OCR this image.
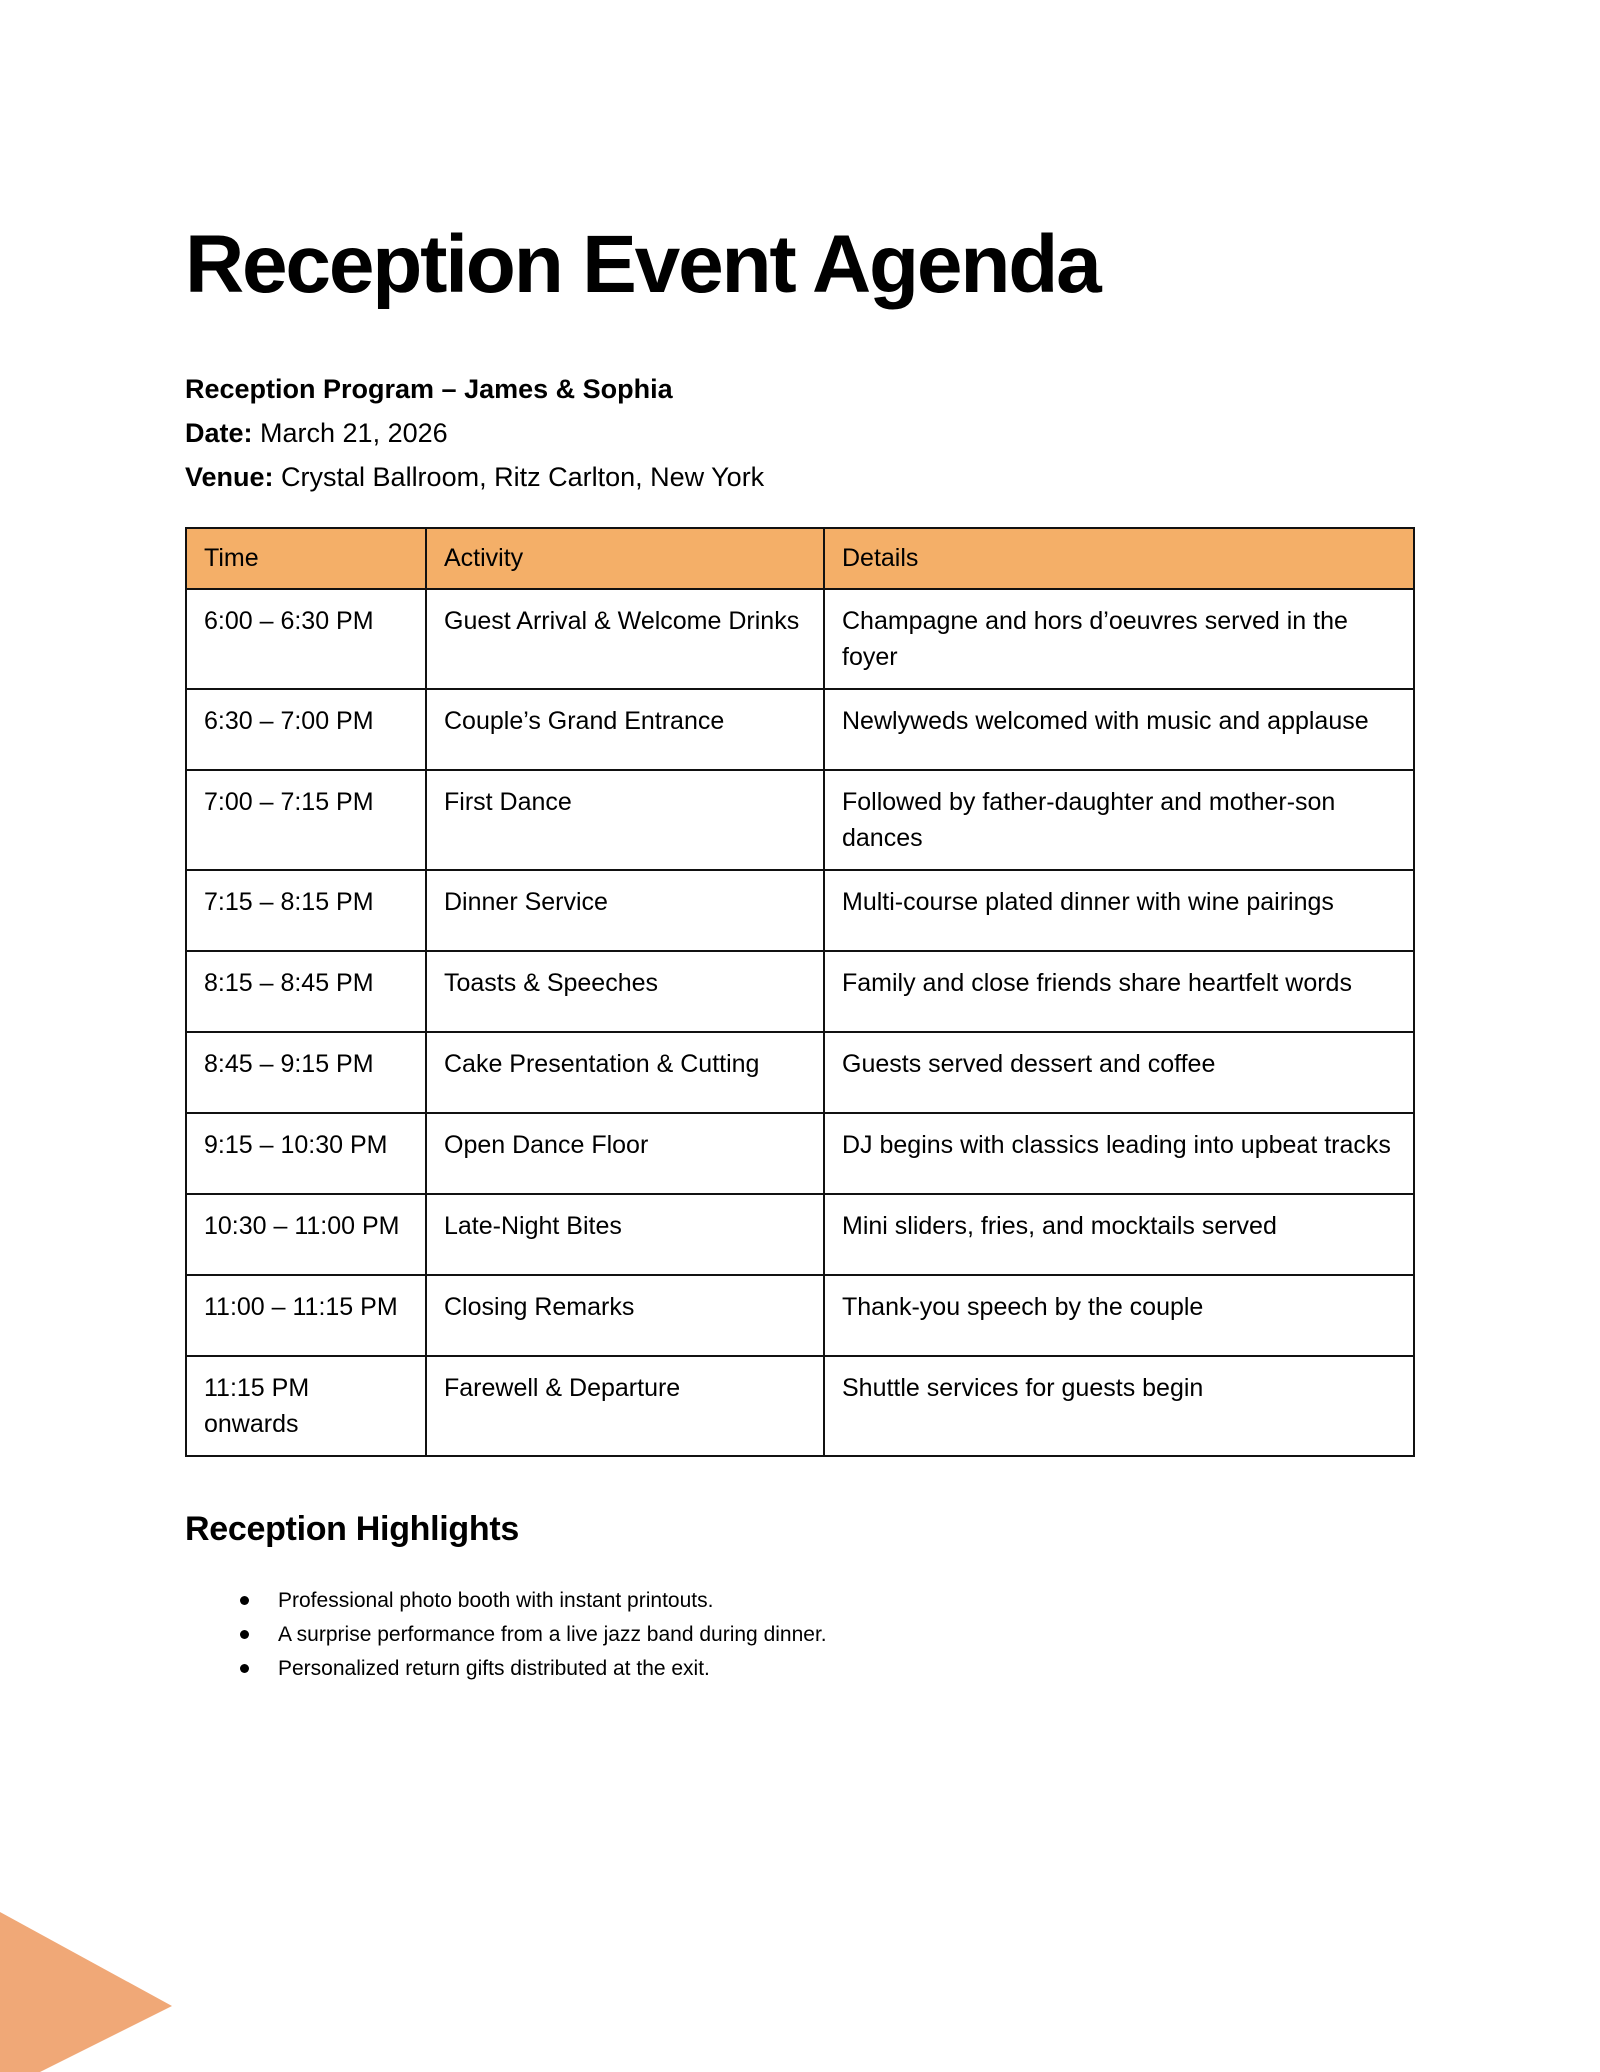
Reception Event Agenda
Reception Program – James & Sophia
Date: March 21, 2026
Venue: Crystal Ballroom, Ritz Carlton, New York
Time	Activity	Details
6:00 – 6:30 PM	Guest Arrival & Welcome Drinks	Champagne and hors d’oeuvres served in the foyer
6:30 – 7:00 PM	Couple’s Grand Entrance	Newlyweds welcomed with music and applause
7:00 – 7:15 PM	First Dance	Followed by father-daughter and mother-son dances
7:15 – 8:15 PM	Dinner Service	Multi-course plated dinner with wine pairings
8:15 – 8:45 PM	Toasts & Speeches	Family and close friends share heartfelt words
8:45 – 9:15 PM	Cake Presentation & Cutting	Guests served dessert and coffee
9:15 – 10:30 PM	Open Dance Floor	DJ begins with classics leading into upbeat tracks
10:30 – 11:00 PM	Late-Night Bites	Mini sliders, fries, and mocktails served
11:00 – 11:15 PM	Closing Remarks	Thank-you speech by the couple
11:15 PM onwards	Farewell & Departure	Shuttle services for guests begin
Reception Highlights
Professional photo booth with instant printouts.
A surprise performance from a live jazz band during dinner.
Personalized return gifts distributed at the exit.
